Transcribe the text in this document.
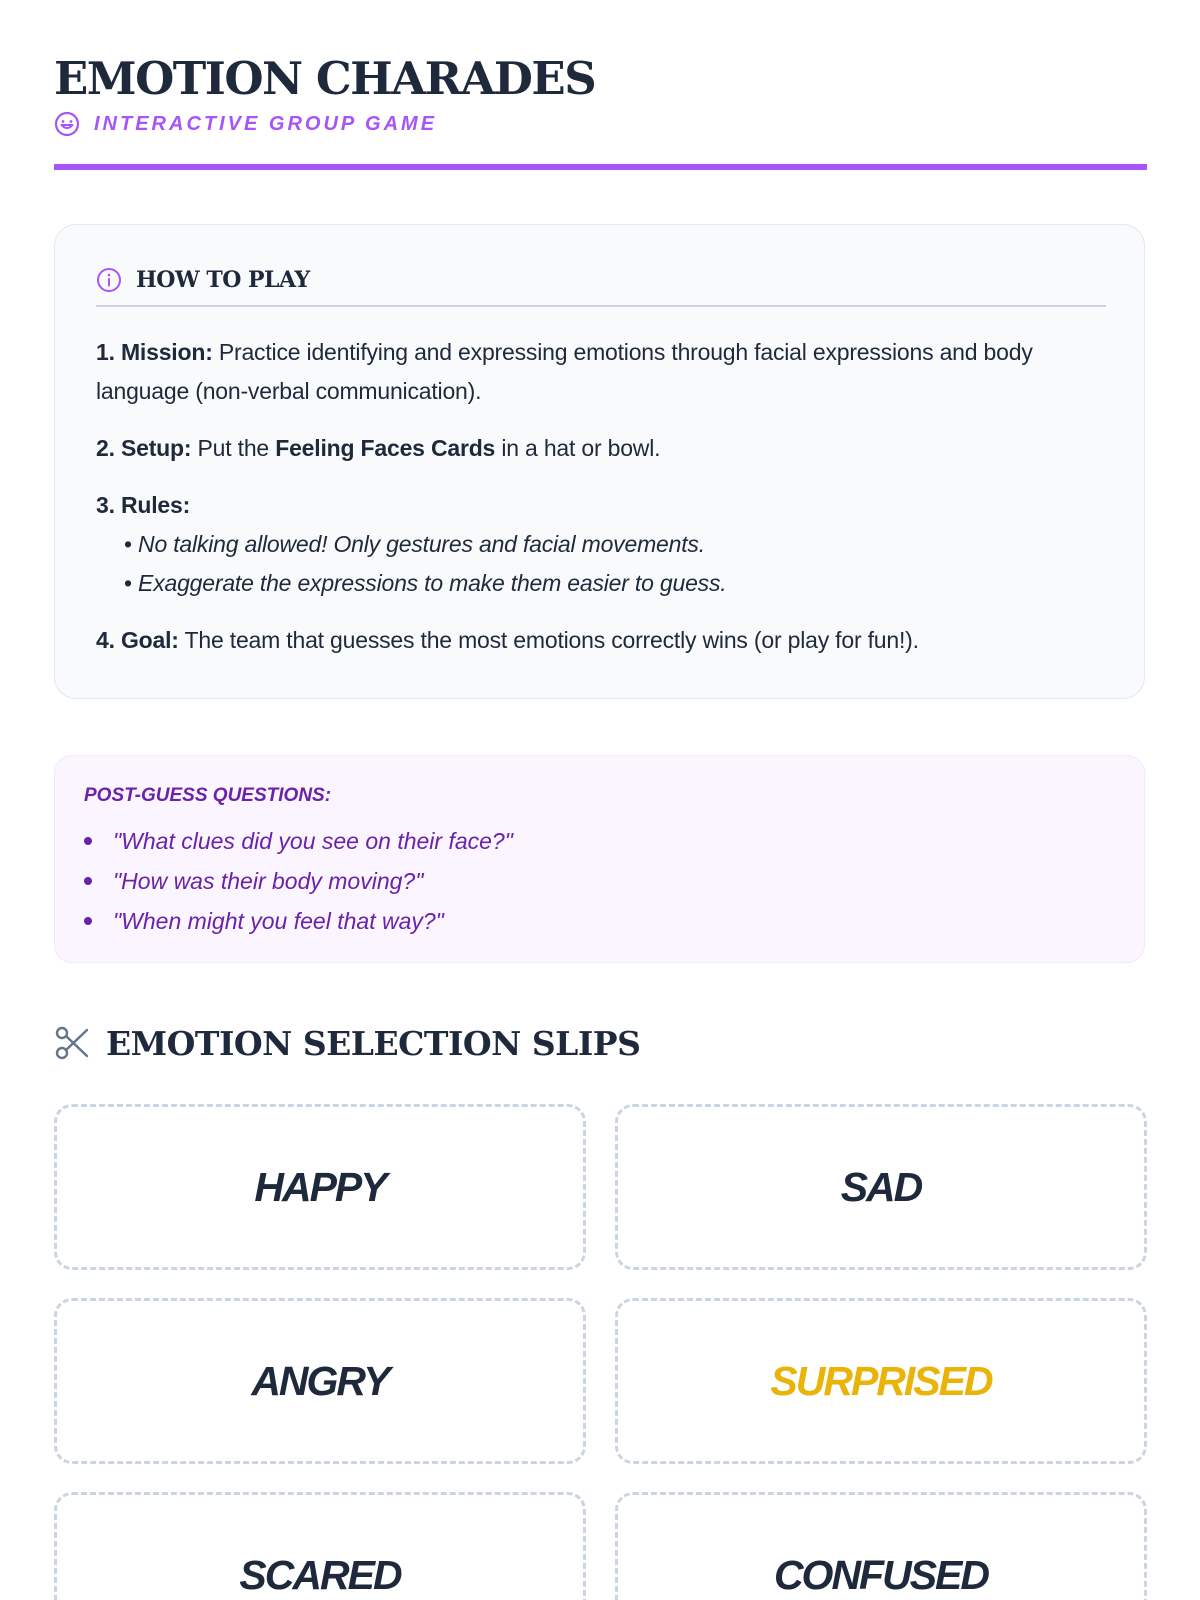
EMOTION CHARADES
INTERACTIVE GROUP GAME
HOW TO PLAY

1. Mission: Practice identifying and expressing emotions through facial expressions and body language (non-verbal communication).

2. Setup: Put the Feeling Faces Cards in a hat or bowl.

3. Rules:
• No talking allowed! Only gestures and facial movements.
• Exaggerate the expressions to make them easier to guess.

4. Goal: The team that guesses the most emotions correctly wins (or play for fun!).

POST-GUESS QUESTIONS:
"What clues did you see on their face?"
"How was their body moving?"
"When might you feel that way?"
EMOTION SELECTION SLIPS
HAPPY	SAD
ANGRY	SURPRISED
SCARED	CONFUSED
